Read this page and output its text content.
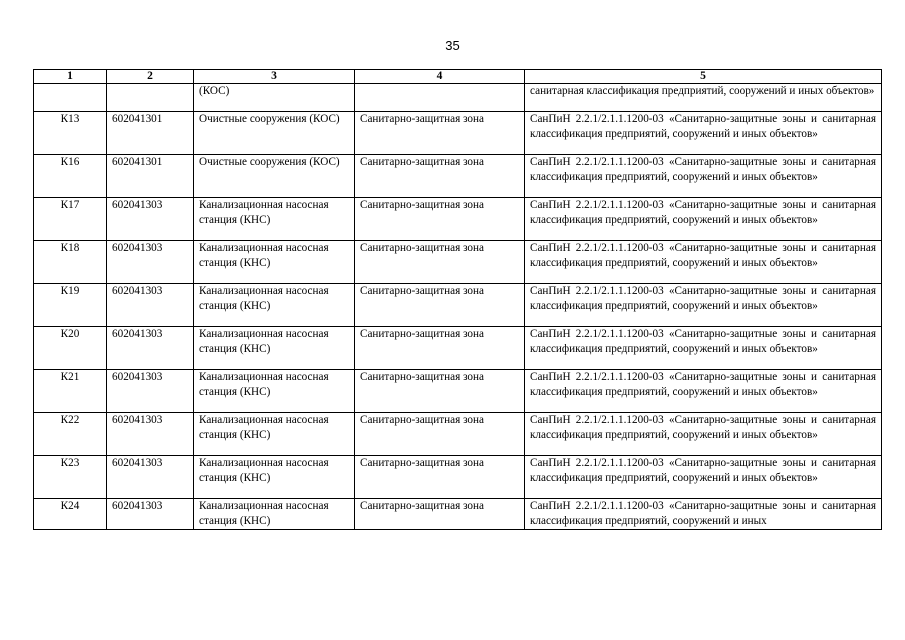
35
1	2	3	4	5
		(КОС)		санитарная классификация предприятий, сооружений и иных объектов»
К13	602041301	Очистные сооружения (КОС)	Санитарно-защитная зона	СанПиН 2.2.1/2.1.1.1200-03 «Санитарно-защитные зоны и санитарная классификация предприятий, сооружений и иных объектов»
К16	602041301	Очистные сооружения (КОС)	Санитарно-защитная зона	СанПиН 2.2.1/2.1.1.1200-03 «Санитарно-защитные зоны и санитарная классификация предприятий, сооружений и иных объектов»
К17	602041303	Канализационная насосная станция (КНС)	Санитарно-защитная зона	СанПиН 2.2.1/2.1.1.1200-03 «Санитарно-защитные зоны и санитарная классификация предприятий, сооружений и иных объектов»
К18	602041303	Канализационная насосная станция (КНС)	Санитарно-защитная зона	СанПиН 2.2.1/2.1.1.1200-03 «Санитарно-защитные зоны и санитарная классификация предприятий, сооружений и иных объектов»
К19	602041303	Канализационная насосная станция (КНС)	Санитарно-защитная зона	СанПиН 2.2.1/2.1.1.1200-03 «Санитарно-защитные зоны и санитарная классификация предприятий, сооружений и иных объектов»
К20	602041303	Канализационная насосная станция (КНС)	Санитарно-защитная зона	СанПиН 2.2.1/2.1.1.1200-03 «Санитарно-защитные зоны и санитарная классификация предприятий, сооружений и иных объектов»
К21	602041303	Канализационная насосная станция (КНС)	Санитарно-защитная зона	СанПиН 2.2.1/2.1.1.1200-03 «Санитарно-защитные зоны и санитарная классификация предприятий, сооружений и иных объектов»
К22	602041303	Канализационная насосная станция (КНС)	Санитарно-защитная зона	СанПиН 2.2.1/2.1.1.1200-03 «Санитарно-защитные зоны и санитарная классификация предприятий, сооружений и иных объектов»
К23	602041303	Канализационная насосная станция (КНС)	Санитарно-защитная зона	СанПиН 2.2.1/2.1.1.1200-03 «Санитарно-защитные зоны и санитарная классификация предприятий, сооружений и иных объектов»
К24	602041303	Канализационная насосная станция (КНС)	Санитарно-защитная зона	СанПиН 2.2.1/2.1.1.1200-03 «Санитарно-защитные зоны и санитарная классификация предприятий, сооружений и иных
